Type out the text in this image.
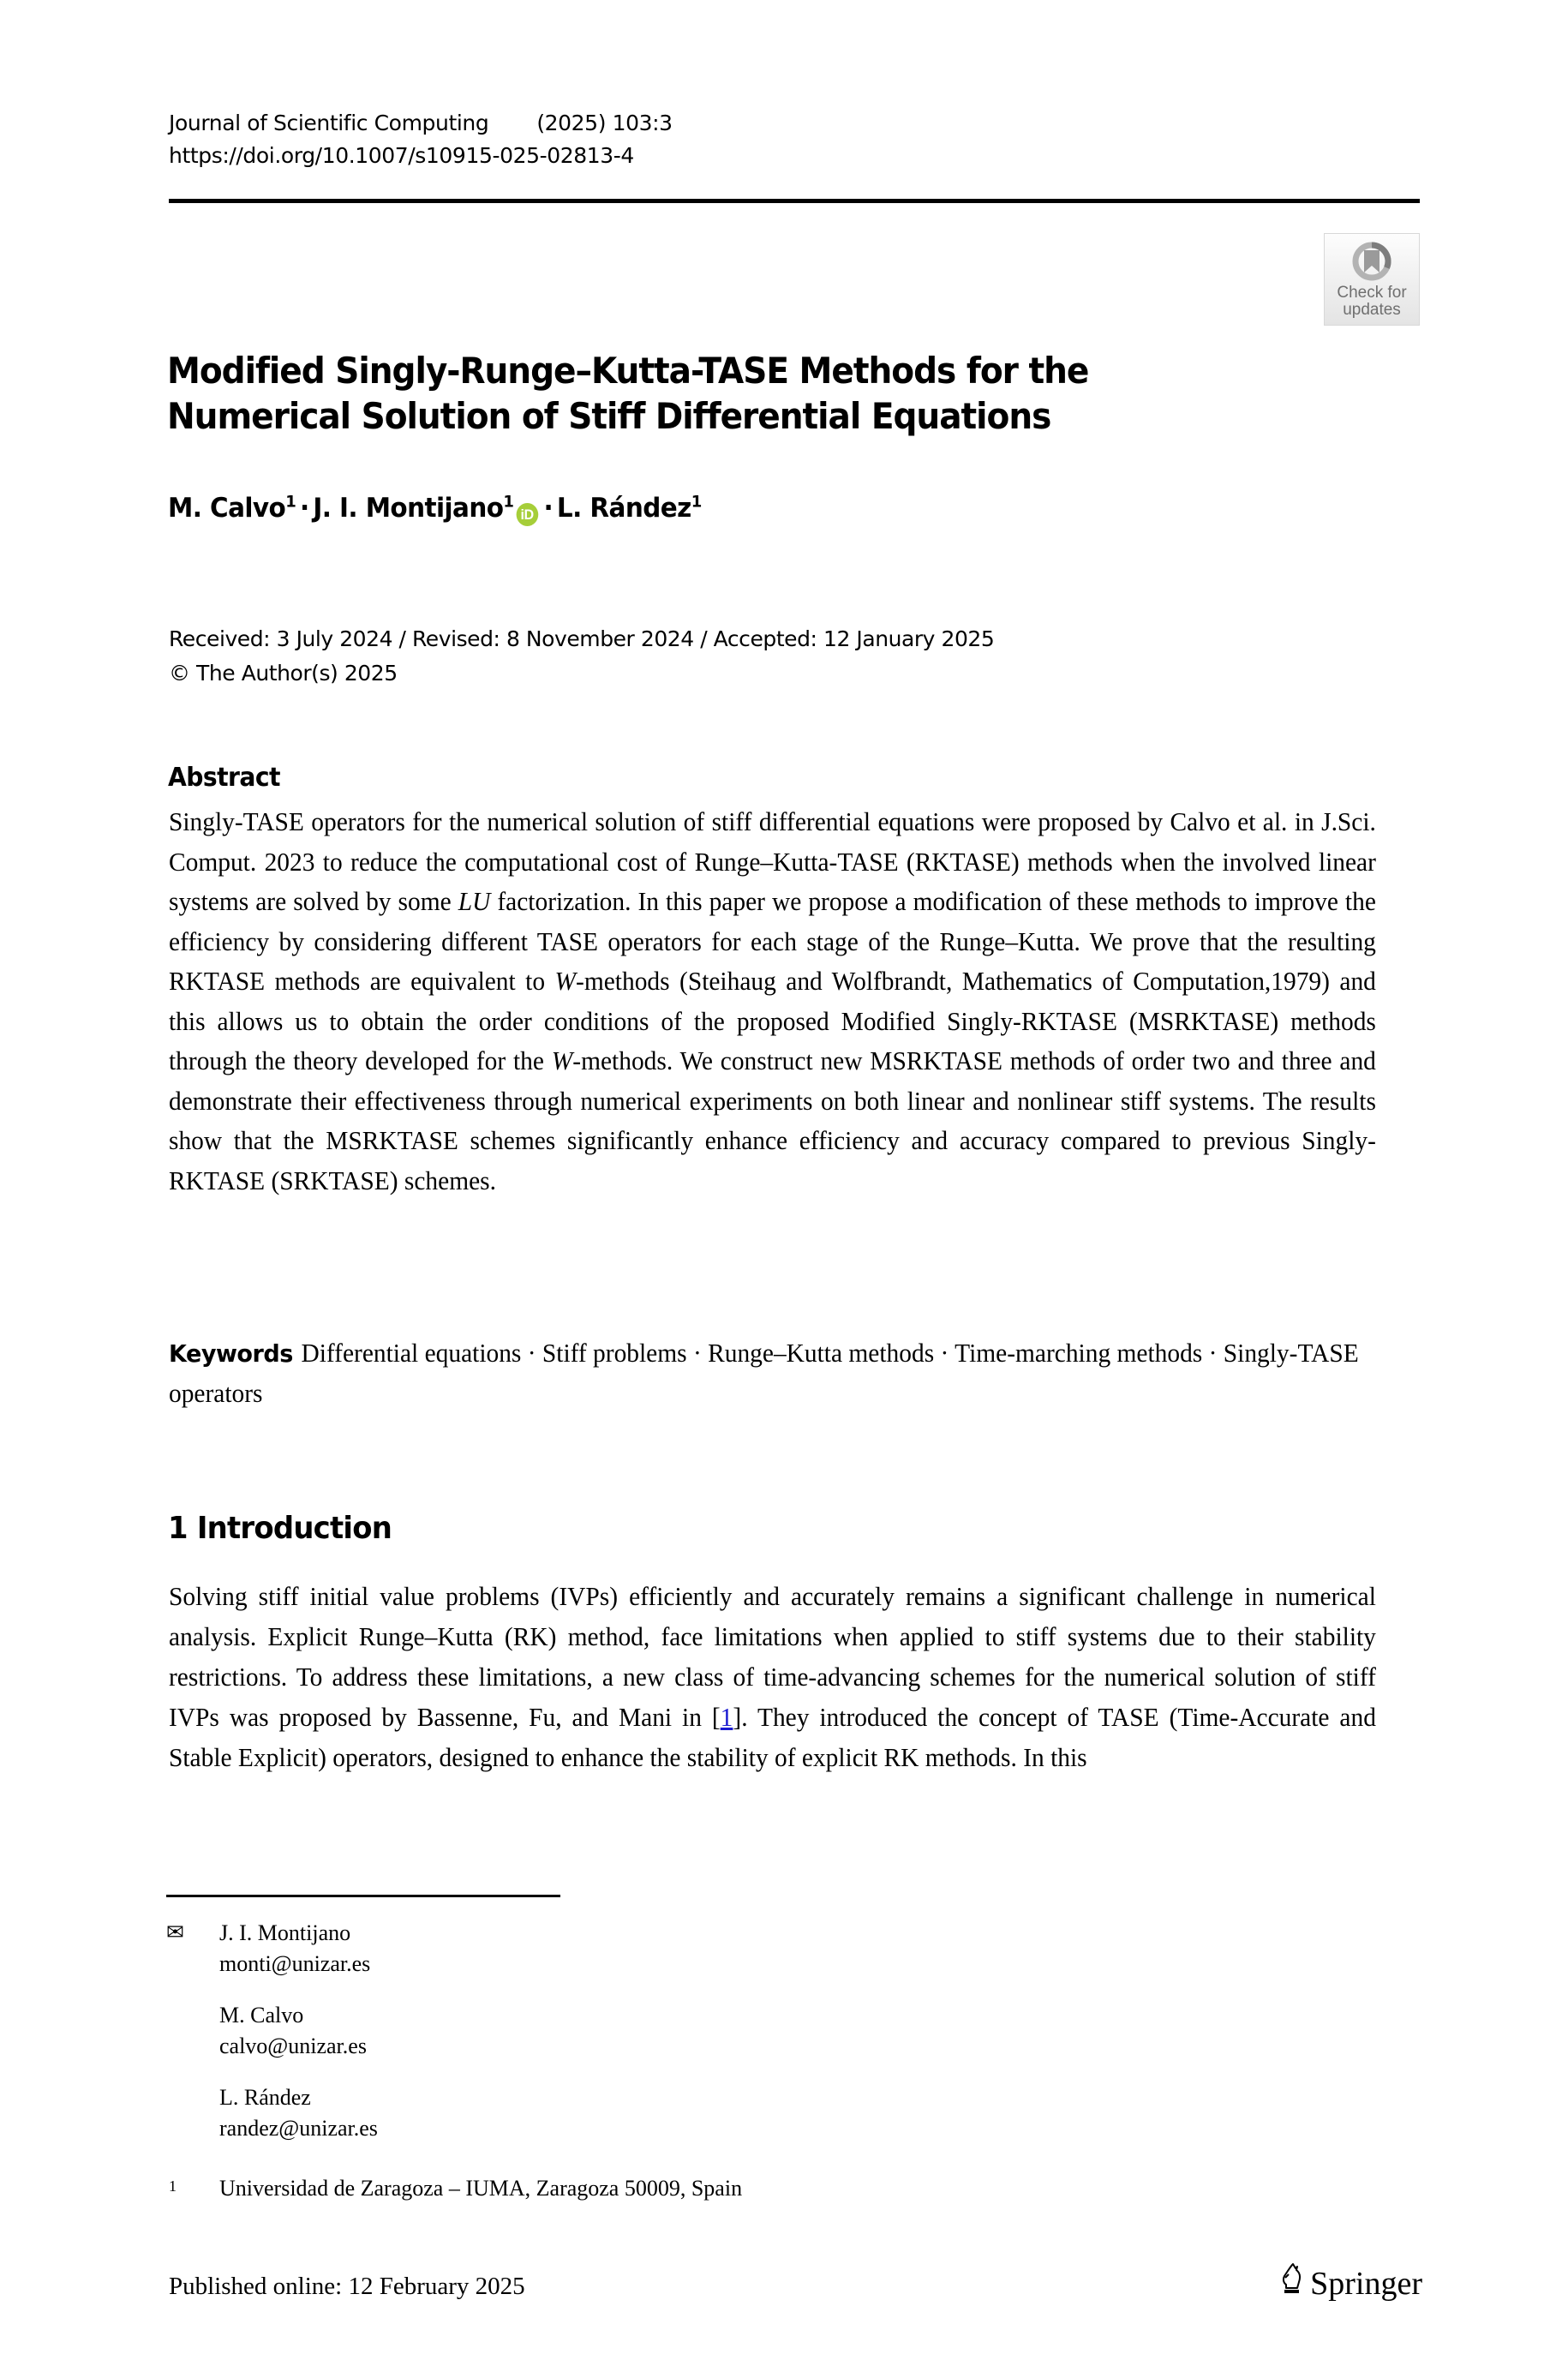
Journal of Scientific Computing (2025) 103:3
https://doi.org/10.1007/s10915-025-02813-4
Check for
updates
Modified Singly-Runge–Kutta-TASE Methods for the Numerical Solution of Stiff Differential Equations
M. Calvo$^1$ · J. I. Montijano$^1$iD · L. Rández$^1$
Received: 3 July 2024 / Revised: 8 November 2024 / Accepted: 12 January 2025
© The Author(s) 2025
Abstract
Singly-TASE operators for the numerical solution of stiff differential equations were proposed by Calvo et al. in J.Sci. Comput. 2023 to reduce the computational cost of Runge–Kutta-TASE (RKTASE) methods when the involved linear systems are solved by some LU factorization. In this paper we propose a modification of these methods to improve the efficiency by considering different TASE operators for each stage of the Runge–Kutta. We prove that the resulting RKTASE methods are equivalent to W-methods (Steihaug and Wolfbrandt, Mathematics of Computation,1979) and this allows us to obtain the order conditions of the proposed Modified Singly-RKTASE (MSRKTASE) methods through the theory developed for the W-methods. We construct new MSRKTASE methods of order two and three and demonstrate their effectiveness through numerical experiments on both linear and nonlinear stiff systems. The results show that the MSRKTASE schemes significantly enhance efficiency and accuracy compared to previous Singly-RKTASE (SRKTASE) schemes.
Keywords Differential equations · Stiff problems · Runge–Kutta methods · Time-marching methods · Singly-TASE operators
1 Introduction
Solving stiff initial value problems (IVPs) efficiently and accurately remains a significant challenge in numerical analysis. Explicit Runge–Kutta (RK) method, face limitations when applied to stiff systems due to their stability restrictions. To address these limitations, a new class of time-advancing schemes for the numerical solution of stiff IVPs was proposed by Bassenne, Fu, and Mani in [1]. They introduced the concept of TASE (Time-Accurate and Stable Explicit) operators, designed to enhance the stability of explicit RK methods. In this
✉	J. I. Montijano
monti@unizar.es
M. Calvo
calvo@unizar.es
L. Rández
randez@unizar.es
1	Universidad de Zaragoza – IUMA, Zaragoza 50009, Spain
Published online: 12 February 2025	Springer
